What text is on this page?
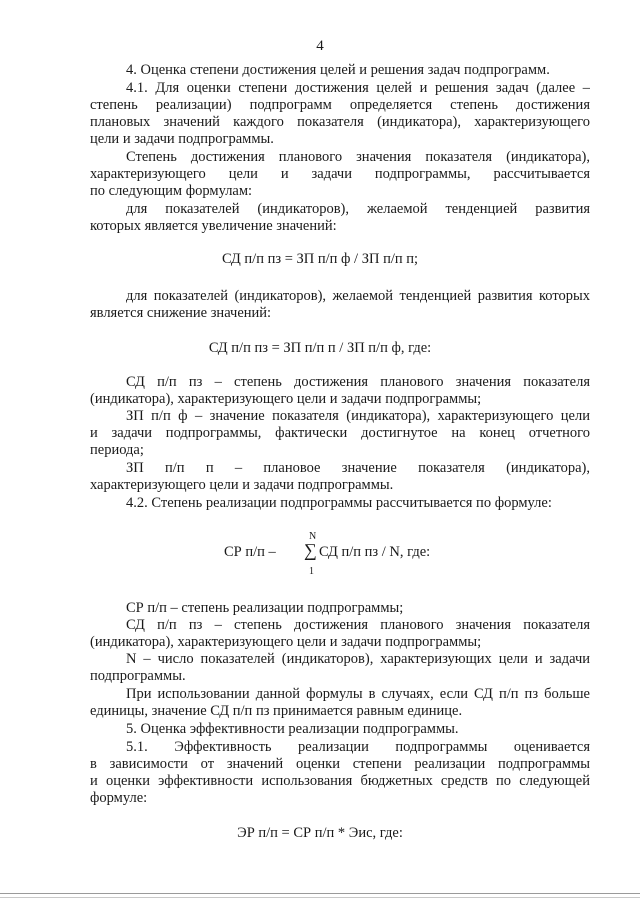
4
4. Оценка степени достижения целей и решения задач подпрограмм.
4.1. Для оценки степени достижения целей и решения задач (далее –
степень реализации) подпрограмм определяется степень достижения
плановых значений каждого показателя (индикатора), характеризующего
цели и задачи подпрограммы.
Степень достижения планового значения показателя (индикатора),
характеризующего цели и задачи подпрограммы, рассчитывается
по следующим формулам:
для показателей (индикаторов), желаемой тенденцией развития
которых является увеличение значений:
СД п/п пз = ЗП п/п ф / ЗП п/п п;
для показателей (индикаторов), желаемой тенденцией развития которых
является снижение значений:
СД п/п пз = ЗП п/п п / ЗП п/п ф, где:
СД п/п пз – степень достижения планового значения показателя
(индикатора), характеризующего цели и задачи подпрограммы;
ЗП п/п ф – значение показателя (индикатора), характеризующего цели
и задачи подпрограммы, фактически достигнутое на конец отчетного
периода;
ЗП п/п п – плановое значение показателя (индикатора),
характеризующего цели и задачи подпрограммы.
4.2. Степень реализации подпрограммы рассчитывается по формуле:
СР п/п –
N
∑
1
СД п/п пз / N, где:
СР п/п – степень реализации подпрограммы;
СД п/п пз – степень достижения планового значения показателя
(индикатора), характеризующего цели и задачи подпрограммы;
N – число показателей (индикаторов), характеризующих цели и задачи
подпрограммы.
При использовании данной формулы в случаях, если СД п/п пз больше
единицы, значение СД п/п пз принимается равным единице.
5. Оценка эффективности реализации подпрограммы.
5.1. Эффективность реализации подпрограммы оценивается
в зависимости от значений оценки степени реализации подпрограммы
и оценки эффективности использования бюджетных средств по следующей
формуле:
ЭР п/п = СР п/п * Эис, где:
